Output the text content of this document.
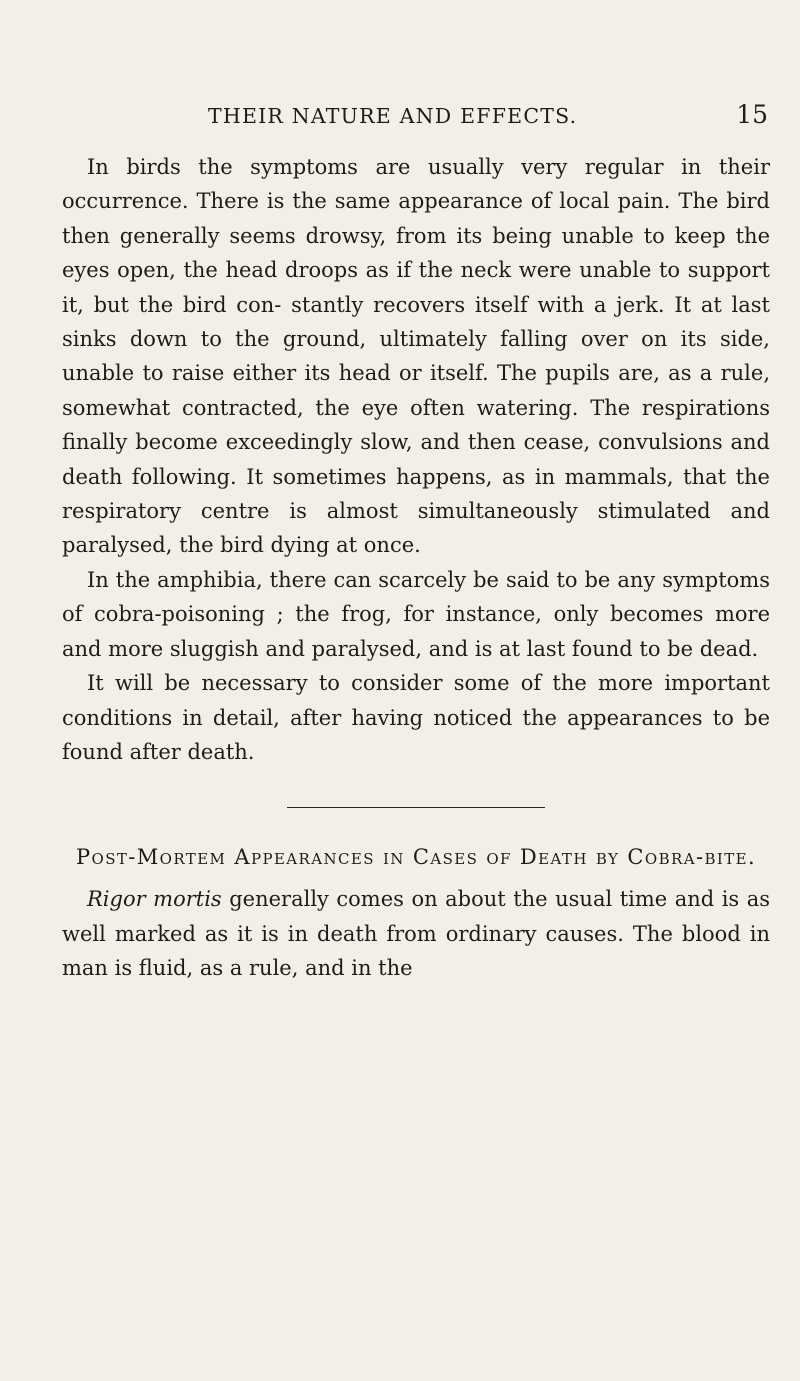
THEIR NATURE AND EFFECTS.	15

In birds the symptoms are usually very regular in their occurrence. There is the same appearance of local pain. The bird then generally seems drowsy, from its being unable to keep the eyes open, the head droops as if the neck were unable to support it, but the bird con- stantly recovers itself with a jerk. It at last sinks down to the ground, ultimately falling over on its side, unable to raise either its head or itself. The pupils are, as a rule, somewhat contracted, the eye often watering. The respirations finally become exceedingly slow, and then cease, convulsions and death following. It sometimes happens, as in mammals, that the respiratory centre is almost simultaneously stimulated and paralysed, the bird dying at once.

In the amphibia, there can scarcely be said to be any symptoms of cobra-poisoning ; the frog, for instance, only becomes more and more sluggish and paralysed, and is at last found to be dead.

It will be necessary to consider some of the more important conditions in detail, after having noticed the appearances to be found after death.

Post-Mortem Appearances in Cases of Death by Cobra-bite.

Rigor mortis generally comes on about the usual time and is as well marked as it is in death from ordinary causes. The blood in man is fluid, as a rule, and in the
